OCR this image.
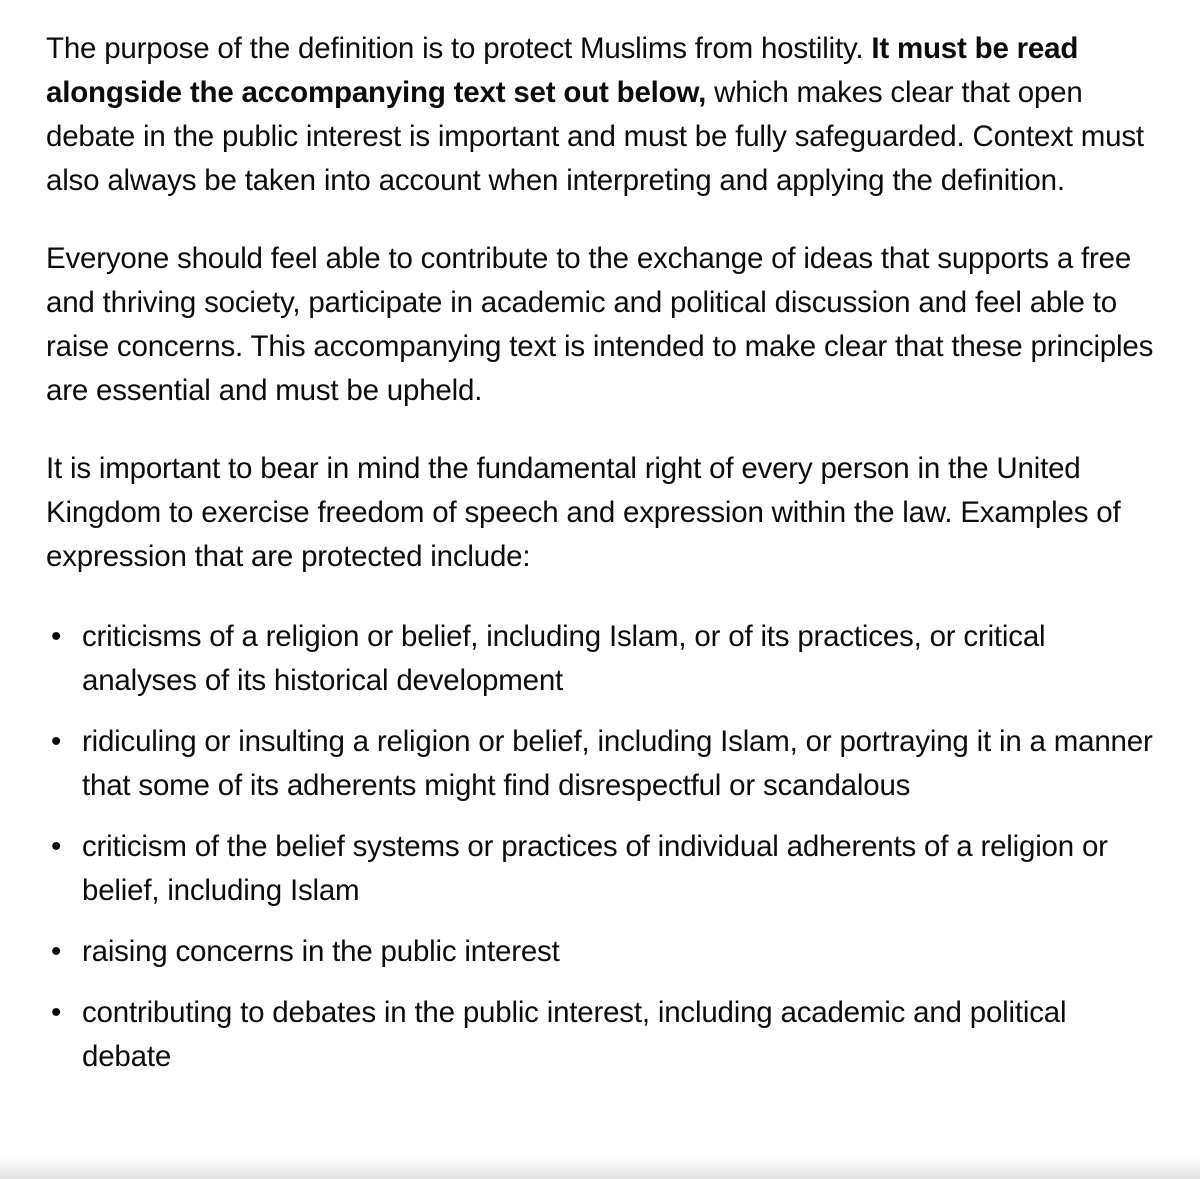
The purpose of the definition is to protect Muslims from hostility. It must be read alongside the accompanying text set out below, which makes clear that open debate in the public interest is important and must be fully safeguarded. Context must also always be taken into account when interpreting and applying the definition.

Everyone should feel able to contribute to the exchange of ideas that supports a free and thriving society, participate in academic and political discussion and feel able to raise concerns. This accompanying text is intended to make clear that these principles are essential and must be upheld.

It is important to bear in mind the fundamental right of every person in the United Kingdom to exercise freedom of speech and expression within the law. Examples of expression that are protected include:

• criticisms of a religion or belief, including Islam, or of its practices, or critical analyses of its historical development
• ridiculing or insulting a religion or belief, including Islam, or portraying it in a manner that some of its adherents might find disrespectful or scandalous
• criticism of the belief systems or practices of individual adherents of a religion or belief, including Islam
• raising concerns in the public interest
• contributing to debates in the public interest, including academic and political debate
